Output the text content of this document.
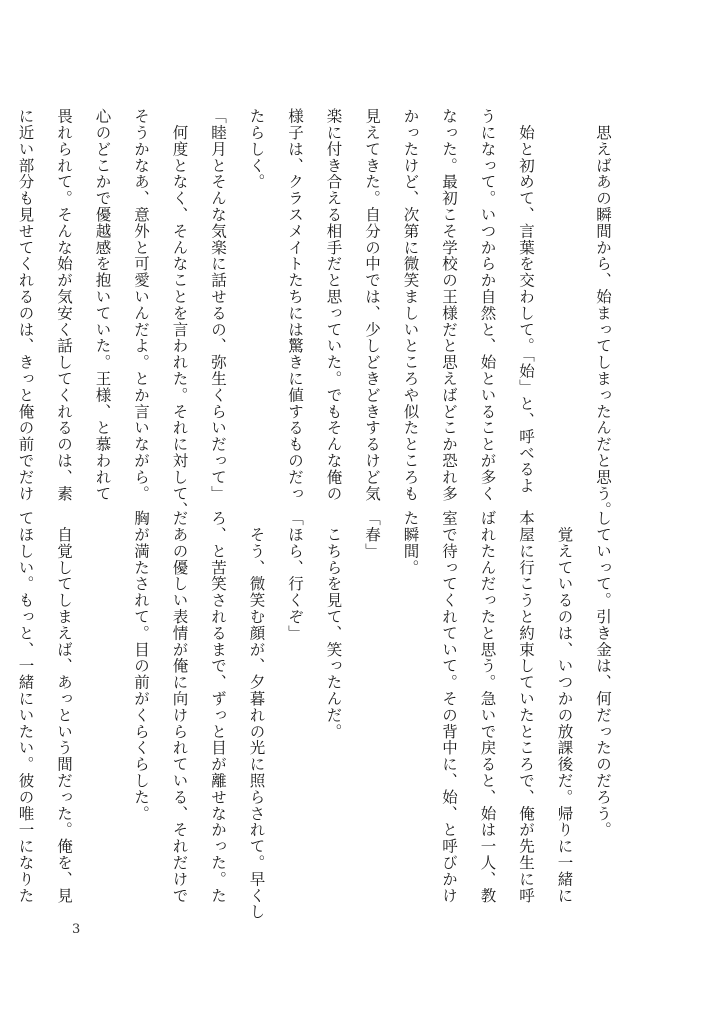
　思えばあの瞬間から、始まってしまったんだと思う。
　始と初めて、言葉を交わして。「始」と、呼べるよ
うになって。いつからか自然と、始といることが多く
なった。最初こそ学校の王様だと思えばどこか恐れ多
かったけど、次第に微笑ましいところや似たところも
見えてきた。自分の中では、少しどきどきするけど気
楽に付き合える相手だと思っていた。でもそんな俺の
様子は、クラスメイトたちには驚きに値するものだっ
たらしく。
「睦月とそんな気楽に話せるの、弥生くらいだって」
　何度となく、そんなことを言われた。それに対して、
そうかなあ、意外と可愛いんだよ。とか言いながら。
心のどこかで優越感を抱いていた。王様、と慕われて
畏れられて。そんな始が気安く話してくれるのは、素
に近い部分も見せてくれるのは、きっと俺の前でだけ
していって。引き金は、何だったのだろう。
　覚えているのは、いつかの放課後だ。帰りに一緒に
本屋に行こうと約束していたところで、俺が先生に呼
ばれたんだったと思う。急いで戻ると、始は一人、教
室で待ってくれていて。その背中に、始、と呼びかけ
た瞬間。
「春」
　こちらを見て、笑ったんだ。
「ほら、行くぞ」
　そう、微笑む顔が、夕暮れの光に照らされて。早くし
ろ、と苦笑されるまで、ずっと目が離せなかった。た
だあの優しい表情が俺に向けられている、それだけで
胸が満たされて。目の前がくらくらした。
　自覚してしまえば、あっという間だった。俺を、見
てほしい。もっと、一緒にいたい。彼の唯一になりた
3
